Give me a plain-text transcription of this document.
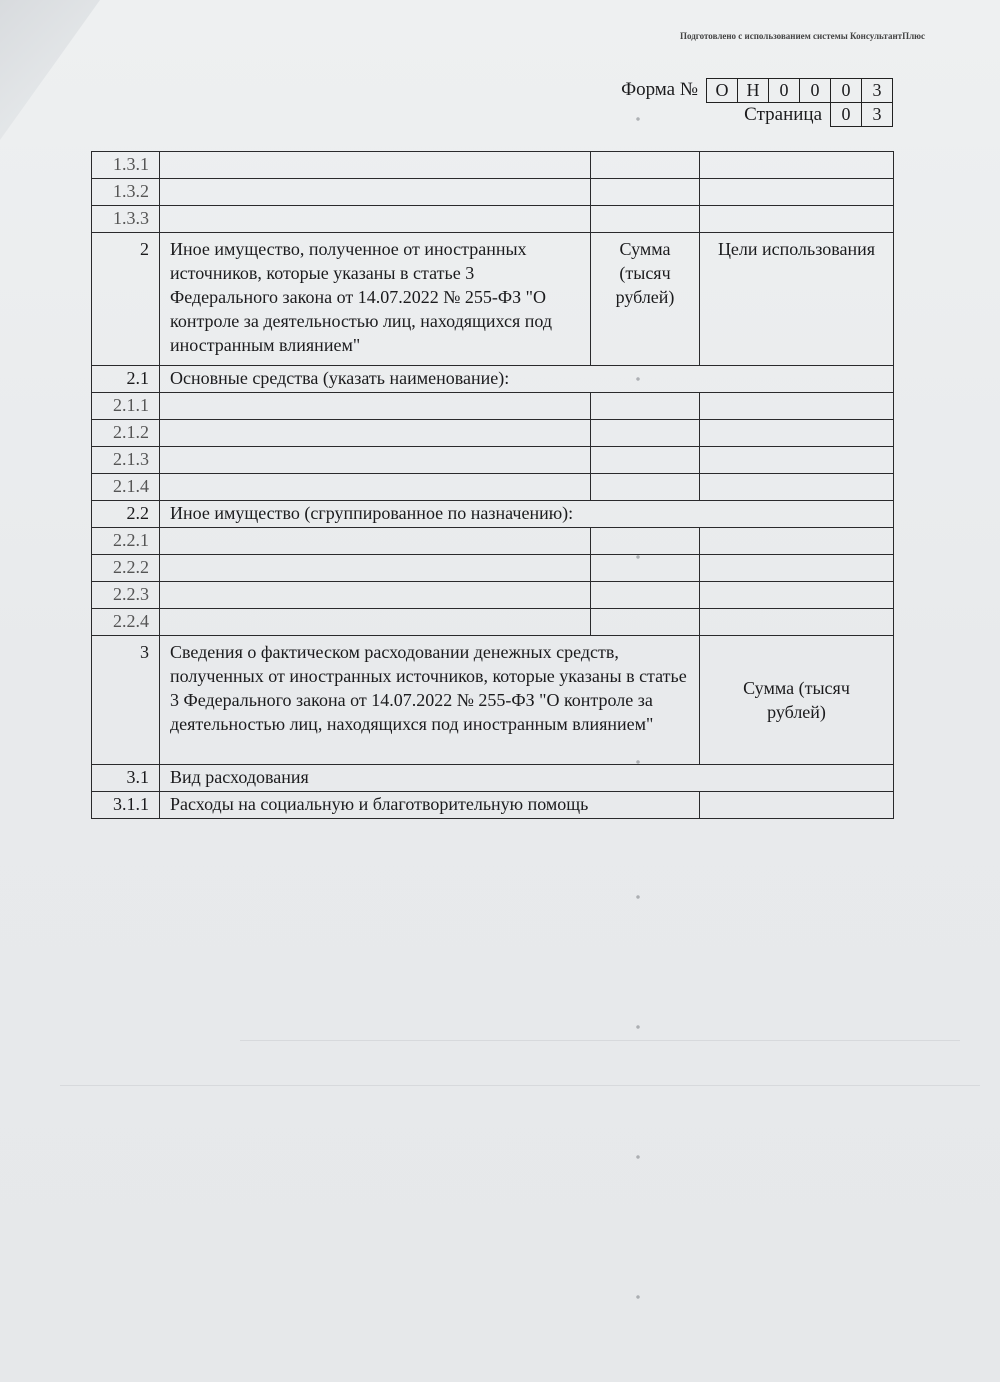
Подготовлено с использованием системы КонсультантПлюс
Форма № О	Н	0	0	0	3
Страница	0	3
1.3.1			
1.3.2			
1.3.3			
2	Иное имущество, полученное от иностранных источников, которые указаны в статье 3 Федерального закона от 14.07.2022 № 255-ФЗ "О контроле за деятельностью лиц, находящихся под иностранным влиянием"	Сумма (тысяч рублей)	Цели использования
2.1	Основные средства (указать наименование):		
2.1.1			
2.1.2			
2.1.3			
2.1.4			
2.2	Иное имущество (сгруппированное по назначению):		
2.2.1			
2.2.2			
2.2.3			
2.2.4			
3	Сведения о фактическом расходовании денежных средств, полученных от иностранных источников, которые указаны в статье 3 Федерального закона от 14.07.2022 № 255-ФЗ "О контроле за деятельностью лиц, находящихся под иностранным влиянием"		Сумма (тысяч рублей)
3.1	Вид расходования		
3.1.1	Расходы на социальную и благотворительную помощь		
